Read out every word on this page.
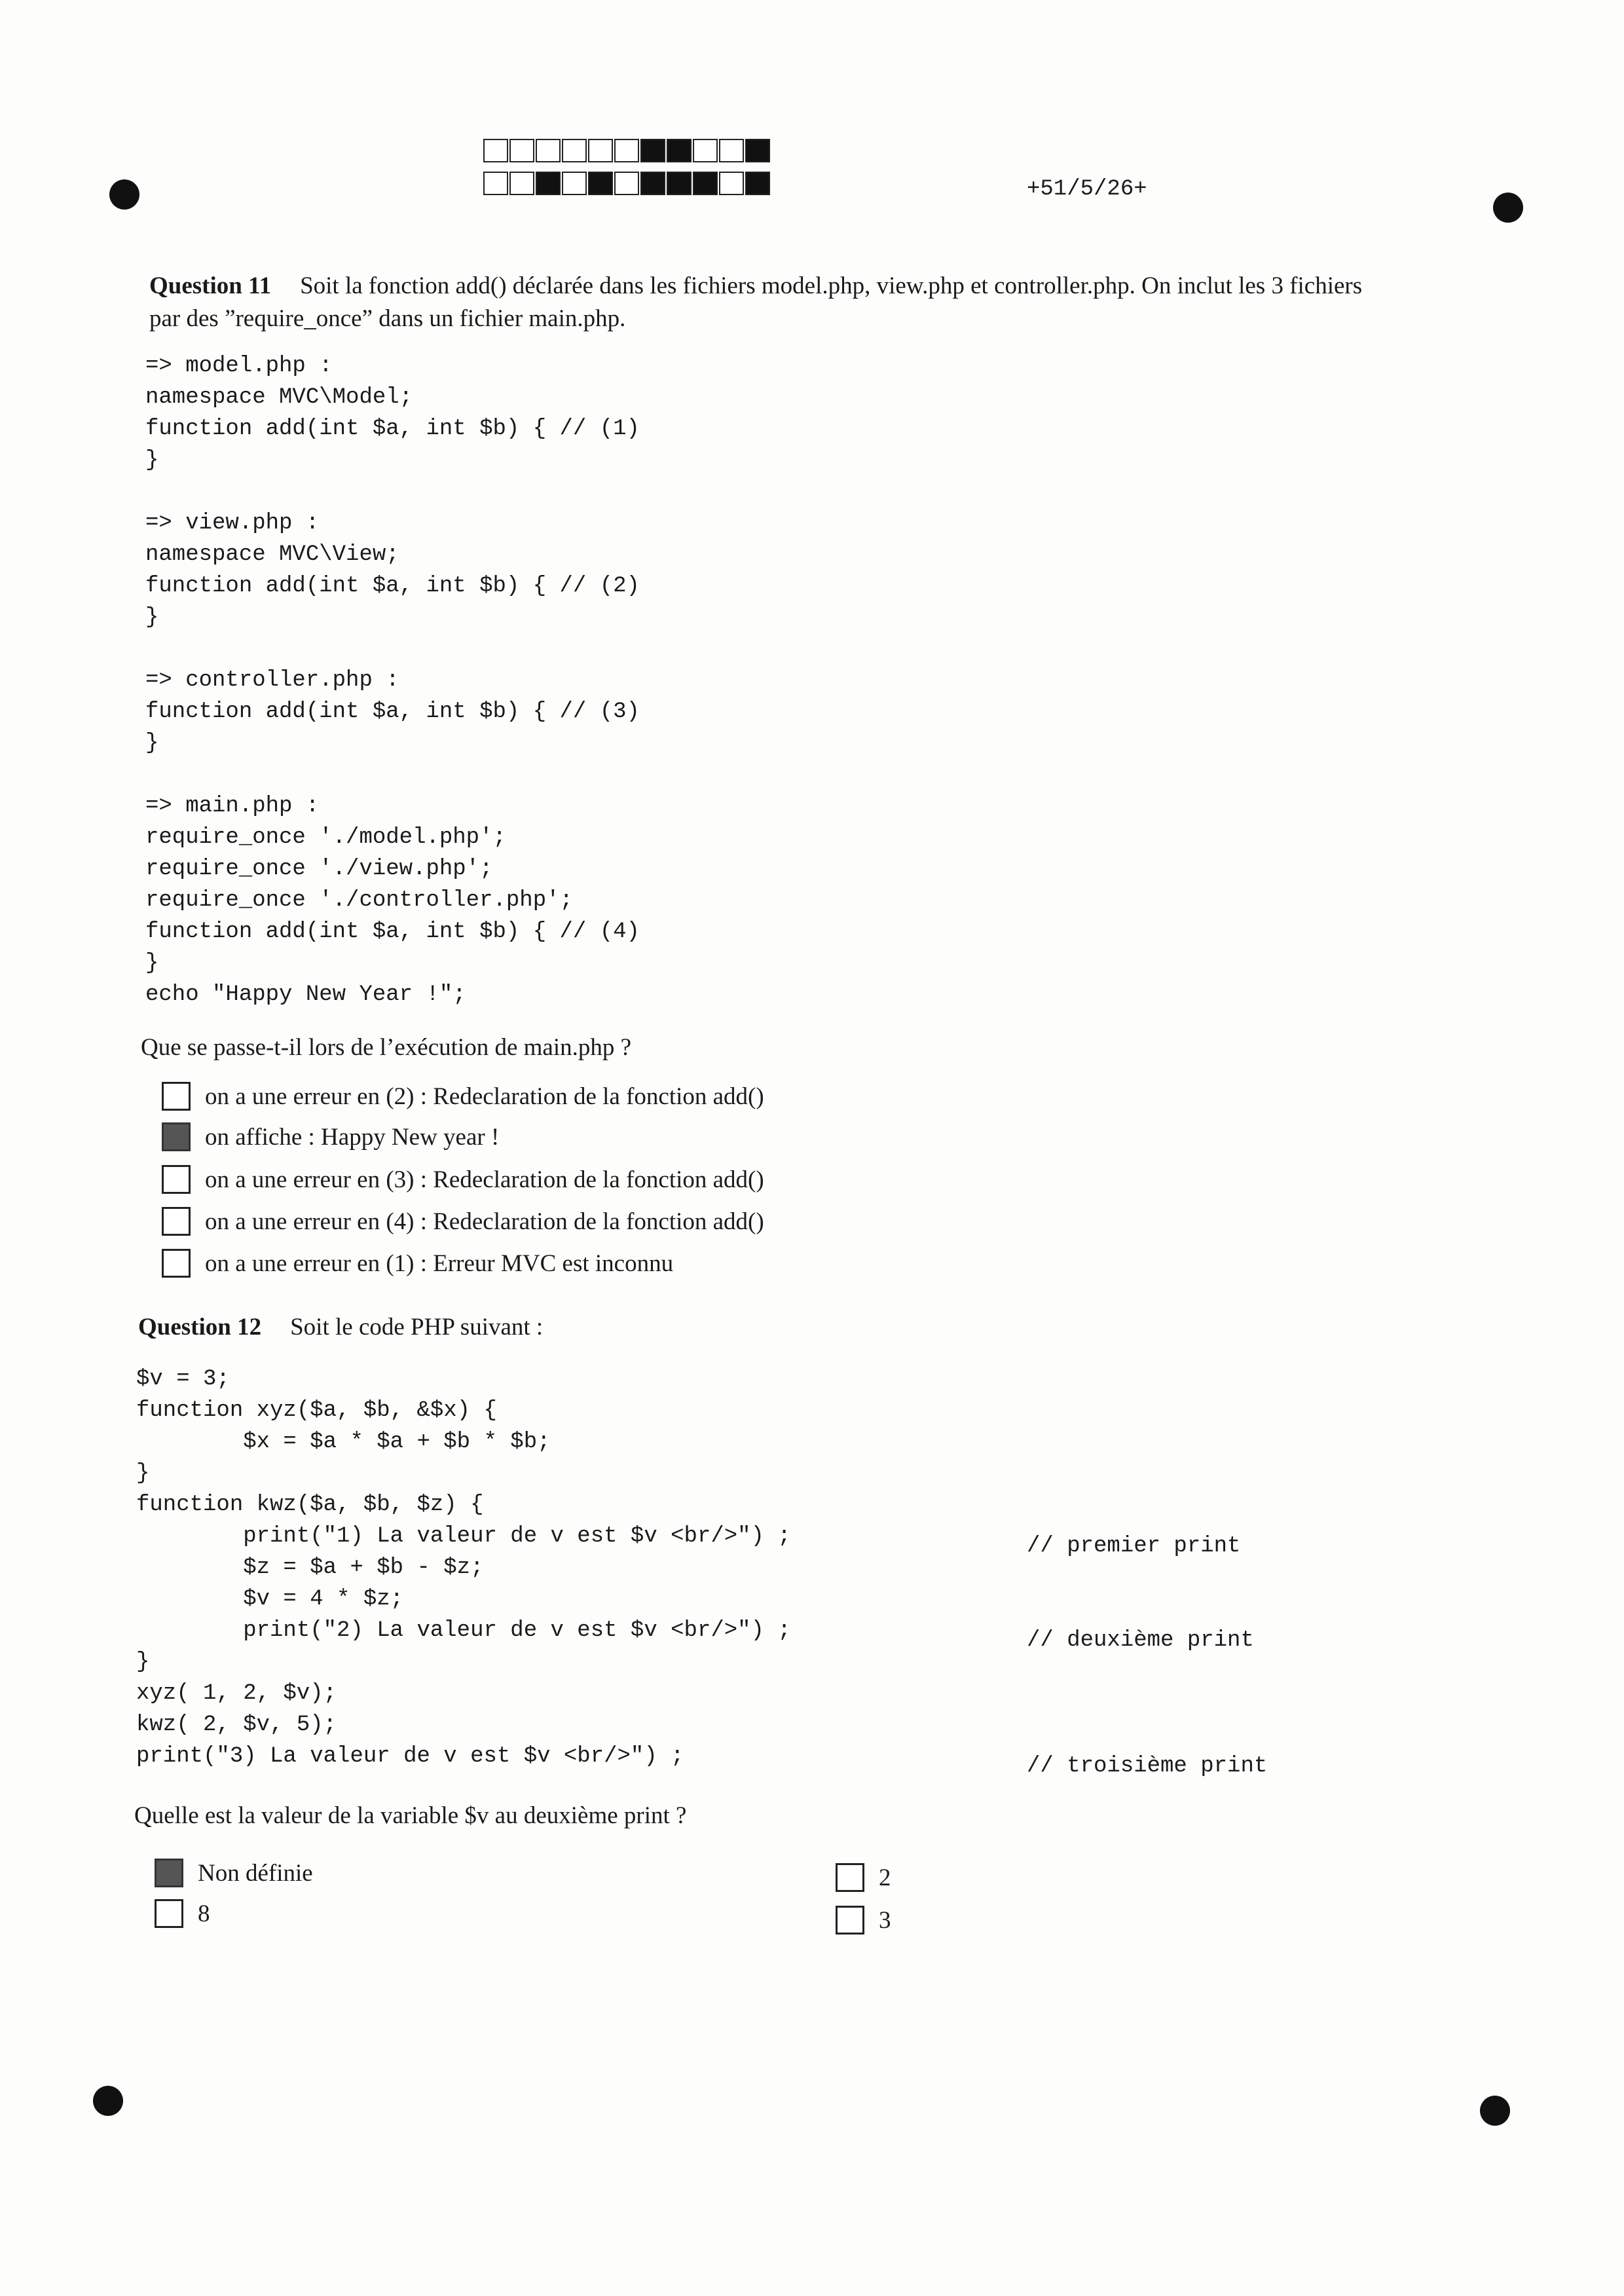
+51/5/26+
Question 11 Soit la fonction add() déclarée dans les fichiers model.php, view.php et controller.php. On inclut les 3 fichiers
par des ”require_once” dans un fichier main.php.
=> model.php :
namespace MVC\Model;
function add(int $a, int $b) { // (1)
}

=> view.php :
namespace MVC\View;
function add(int $a, int $b) { // (2)
}

=> controller.php :
function add(int $a, int $b) { // (3)
}

=> main.php :
require_once './model.php';
require_once './view.php';
require_once './controller.php';
function add(int $a, int $b) { // (4)
}
echo "Happy New Year !";
Que se passe-t-il lors de l’exécution de main.php ?
on a une erreur en (2) : Redeclaration de la fonction add()
on affiche : Happy New year !
on a une erreur en (3) : Redeclaration de la fonction add()
on a une erreur en (4) : Redeclaration de la fonction add()
on a une erreur en (1) : Erreur MVC est inconnu
Question 12 Soit le code PHP suivant :
$v = 3;
function xyz($a, $b, &$x) {
$x = $a * $a + $b * $b;
}
function kwz($a, $b, $z) {
print("1) La valeur de v est $v <br/>") ;
$z = $a + $b - $z;
$v = 4 * $z;
print("2) La valeur de v est $v <br/>") ;
}
xyz( 1, 2, $v);
kwz( 2, $v, 5);
print("3) La valeur de v est $v <br/>") ;
// premier print
// deuxième print
// troisième print
Quelle est la valeur de la variable $v au deuxième print ?
Non définie
8
2
3
